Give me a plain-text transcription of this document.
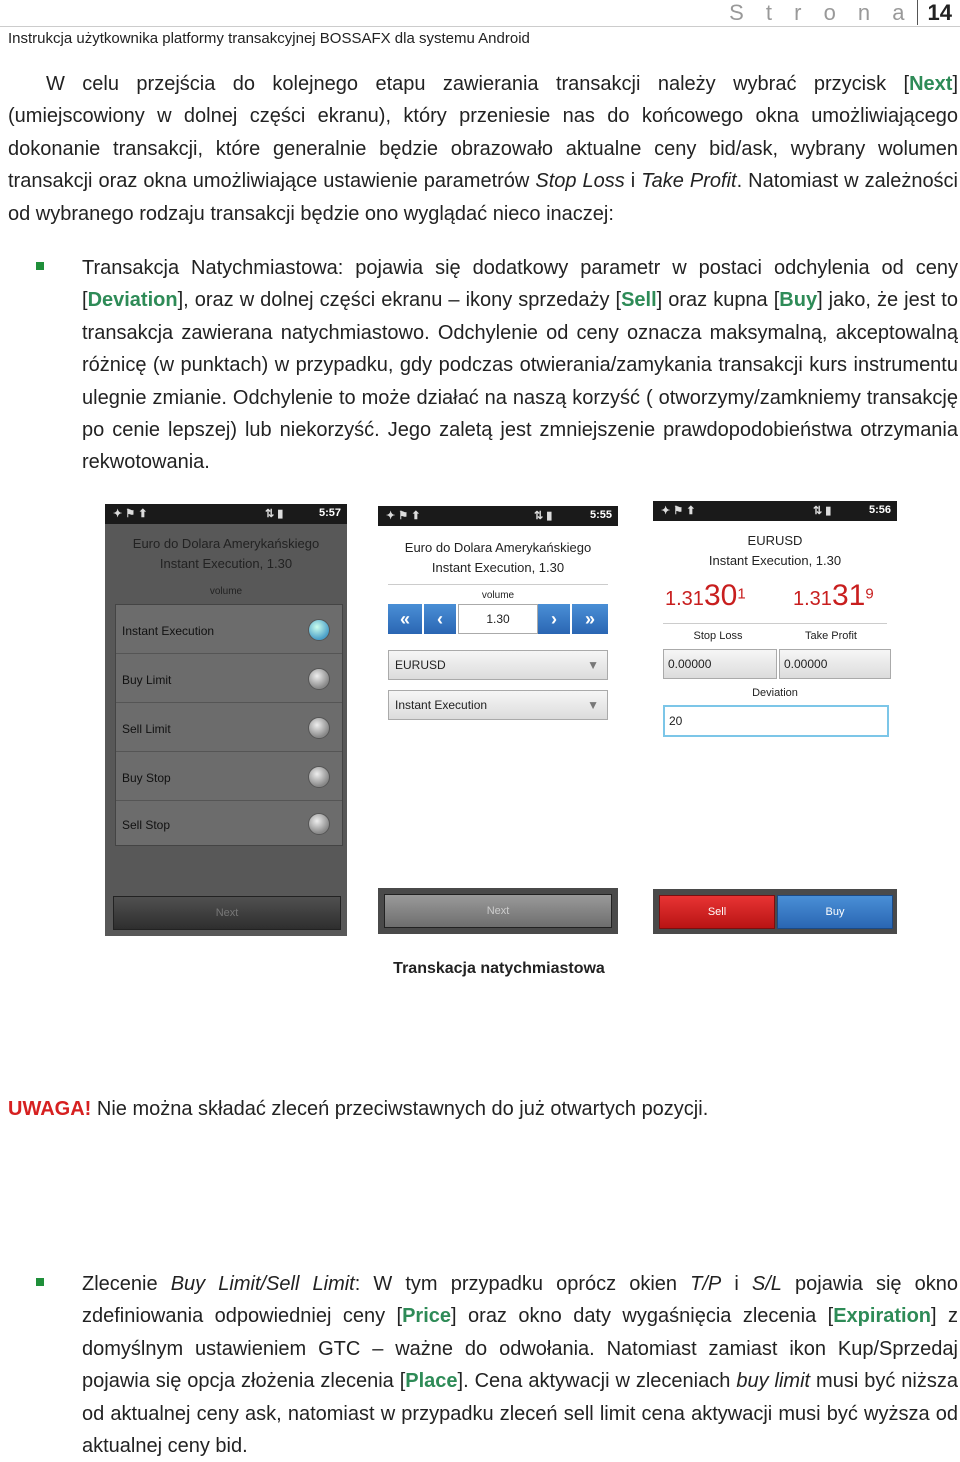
Instrukcja użytkownika platformy transakcyjnej BOSSAFX dla systemu Android
S t r o n a 14
W celu przejścia do kolejnego etapu zawierania transakcji należy wybrać przycisk [Next] (umiejscowiony w dolnej części ekranu), który przeniesie nas do końcowego okna umożliwiającego dokonanie transakcji, które generalnie będzie obrazowało aktualne ceny bid/ask, wybrany wolumen transakcji oraz okna umożliwiające ustawienie parametrów Stop Loss i Take Profit. Natomiast w zależności od wybranego rodzaju transakcji będzie ono wyglądać nieco inaczej:
Transakcja Natychmiastowa: pojawia się dodatkowy parametr w postaci odchylenia od ceny [Deviation], oraz w dolnej części ekranu – ikony sprzedaży [Sell] oraz kupna [Buy] jako, że jest to transakcja zawierana natychmiastowo. Odchylenie od ceny oznacza maksymalną, akceptowalną różnicę (w punktach) w przypadku, gdy podczas otwierania/zamykania transakcji kurs instrumentu ulegnie zmianie. Odchylenie to może działać na naszą korzyść ( otworzymy/zamkniemy transakcję po cenie lepszej) lub niekorzyść. Jego zaletą jest zmniejszenie prawdopodobieństwa otrzymania rekwotowania.
✦ ⚑ ⬆	⇅ ▮	5:57
Euro do Dolara Amerykańskiego
Instant Execution, 1.30
volume
Instant Execution
Buy Limit
Sell Limit
Buy Stop
Sell Stop
Next
✦ ⚑ ⬆	⇅ ▮	5:55
Euro do Dolara Amerykańskiego
Instant Execution, 1.30
volume
«	‹	1.30	›	»
EURUSD	▼
Instant Execution	▼
Next
✦ ⚑ ⬆	⇅ ▮	5:56
EURUSD
Instant Execution, 1.30
1.3130$^1$ 1.3131$^9$
Stop Loss	Take Profit
0.00000	0.00000
Deviation
20
Sell	Buy
Transkacja natychmiastowa
UWAGA! Nie można składać zleceń przeciwstawnych do już otwartych pozycji.
Zlecenie Buy Limit/Sell Limit: W tym przypadku oprócz okien T/P i S/L pojawia się okno zdefiniowania odpowiedniej ceny [Price] oraz okno daty wygaśnięcia zlecenia [Expiration] z domyślnym ustawieniem GTC – ważne do odwołania. Natomiast zamiast ikon Kup/Sprzedaj pojawia się opcja złożenia zlecenia [Place]. Cena aktywacji w zleceniach buy limit musi być niższa od aktualnej ceny ask, natomiast w przypadku zleceń sell limit cena aktywacji musi być wyższa od aktualnej ceny bid.
